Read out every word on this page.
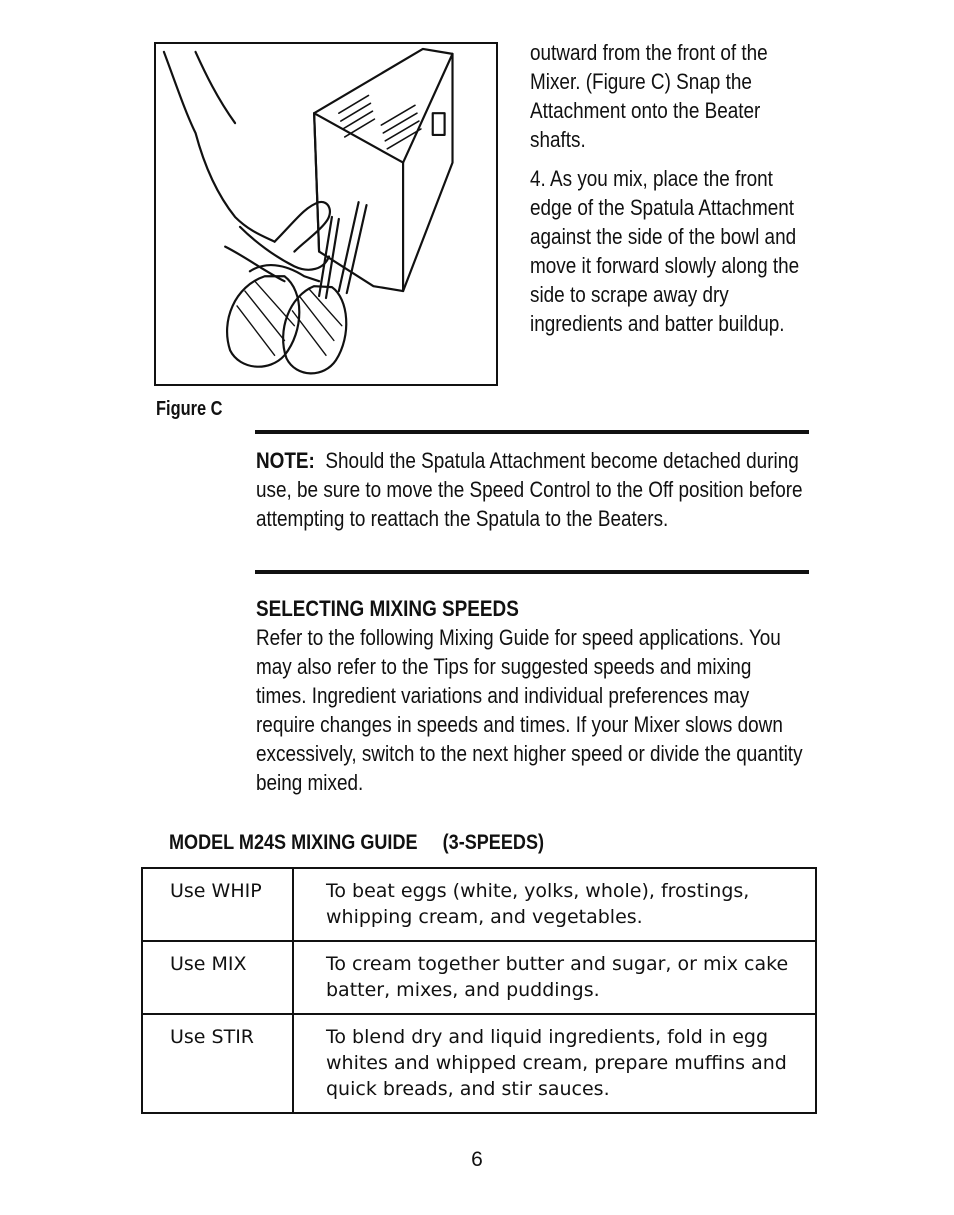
Figure C

outward from the front of the Mixer. (Figure C) Snap the Attachment onto the Beater shafts.

4. As you mix, place the front edge of the Spatula Attachment against the side of the bowl and move it forward slowly along the side to scrape away dry ingredients and batter buildup.

NOTE: Should the Spatula Attachment become detached during use, be sure to move the Speed Control to the Off position before attempting to reattach the Spatula to the Beaters.
SELECTING MIXING SPEEDS

Refer to the following Mixing Guide for speed applications. You may also refer to the Tips for suggested speeds and mixing times. Ingredient variations and individual preferences may require changes in speeds and times. If your Mixer slows down excessively, switch to the next higher speed or divide the quantity being mixed.

MODEL M24S MIXING GUIDE (3-SPEEDS)
Use WHIP	To beat eggs (white, yolks, whole), frostings, whipping cream, and vegetables.
Use MIX	To cream together butter and sugar, or mix cake batter, mixes, and puddings.
Use STIR	To blend dry and liquid ingredients, fold in egg whites and whipped cream, prepare muffins and quick breads, and stir sauces.
6
